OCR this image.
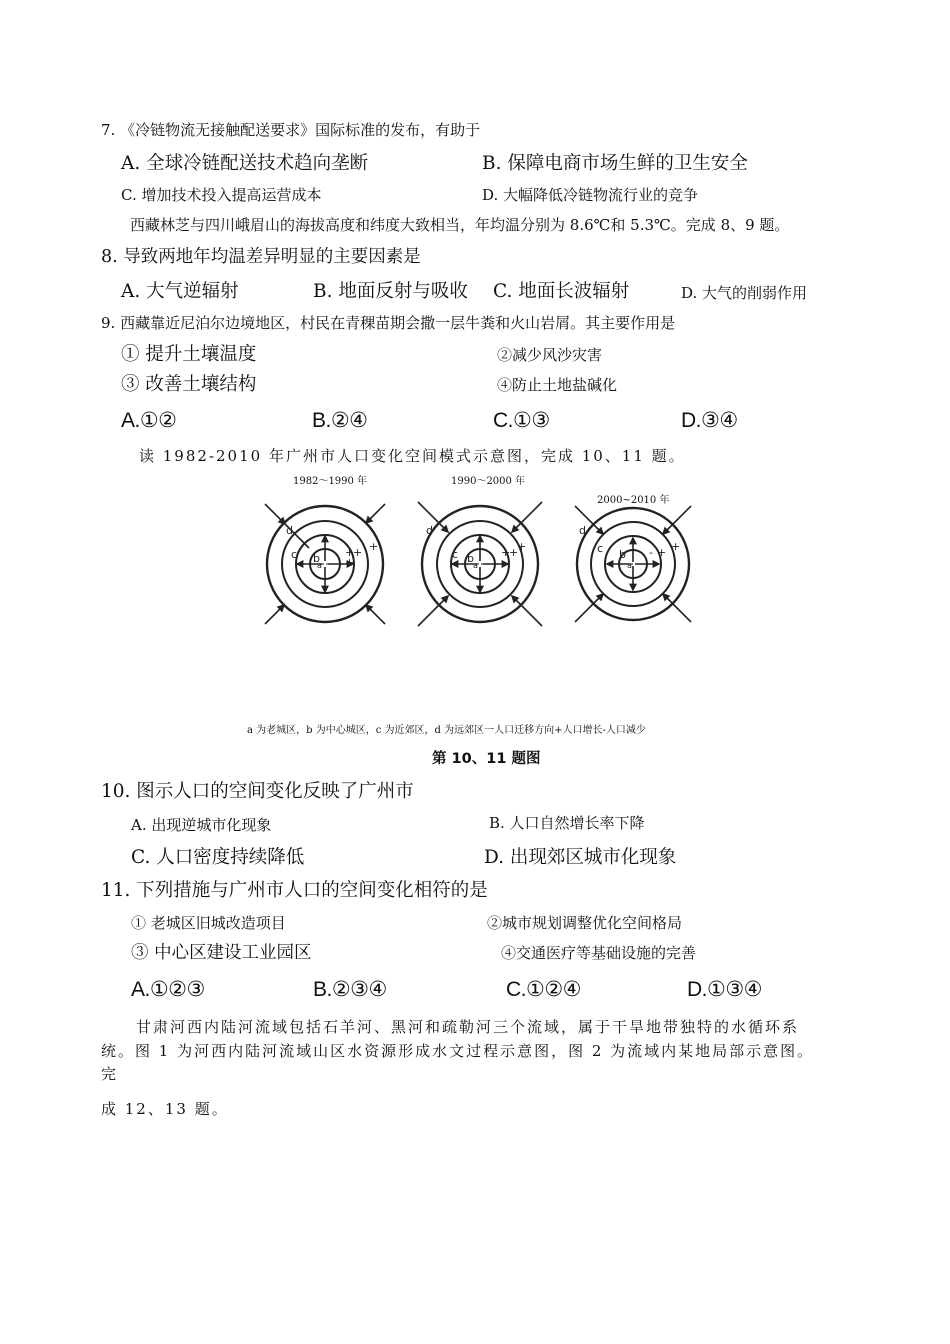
7. 《冷链物流无接触配送要求》国际标准的发布，有助于
A. 全球冷链配送技术趋向垄断	B. 保障电商市场生鲜的卫生安全
C. 增加技术投入提高运营成本	D. 大幅降低冷链物流行业的竞争
西藏林芝与四川峨眉山的海拔高度和纬度大致相当，年均温分别为 8.6℃和 5.3℃。完成 8、9 题。
8. 导致两地年均温差异明显的主要因素是
A. 大气逆辐射	B. 地面反射与吸收 C. 地面长波辐射	D. 大气的削弱作用
9. 西藏靠近尼泊尔边境地区，村民在青稞苗期会撒一层牛粪和火山岩屑。其主要作用是
① 提升土壤温度	②减少风沙灾害
③ 改善土壤结构	④防止土地盐碱化
A.①②	B.②④	C.①③	D.③④
读 1982-2010 年广州市人口变化空间模式示意图，完成 10、11 题。
1982～1990 年	1990～2000 年
2000~2010 年
d
c b
a
+
+
+
+
d
c b
a
+
+
+
d
c b
a
- + +
a 为老城区，b 为中心城区，c 为近郊区，d 为远郊区一人口迁移方向+人口增长-人口减少
第 10、11 题图
10. 图示人口的空间变化反映了广州市
A. 出现逆城市化现象	B. 人口自然增长率下降
C. 人口密度持续降低	D. 出现郊区城市化现象
11. 下列措施与广州市人口的空间变化相符的是
① 老城区旧城改造项目	②城市规划调整优化空间格局
③ 中心区建设工业园区	④交通医疗等基础设施的完善
A.①②③	B.②③④	C.①②④	D.①③④
甘肃河西内陆河流域包括石羊河、黑河和疏勒河三个流域，属于干旱地带独特的水循环系
统。图 1 为河西内陆河流域山区水资源形成水文过程示意图，图 2 为流域内某地局部示意图。
完
成 12、13 题。
